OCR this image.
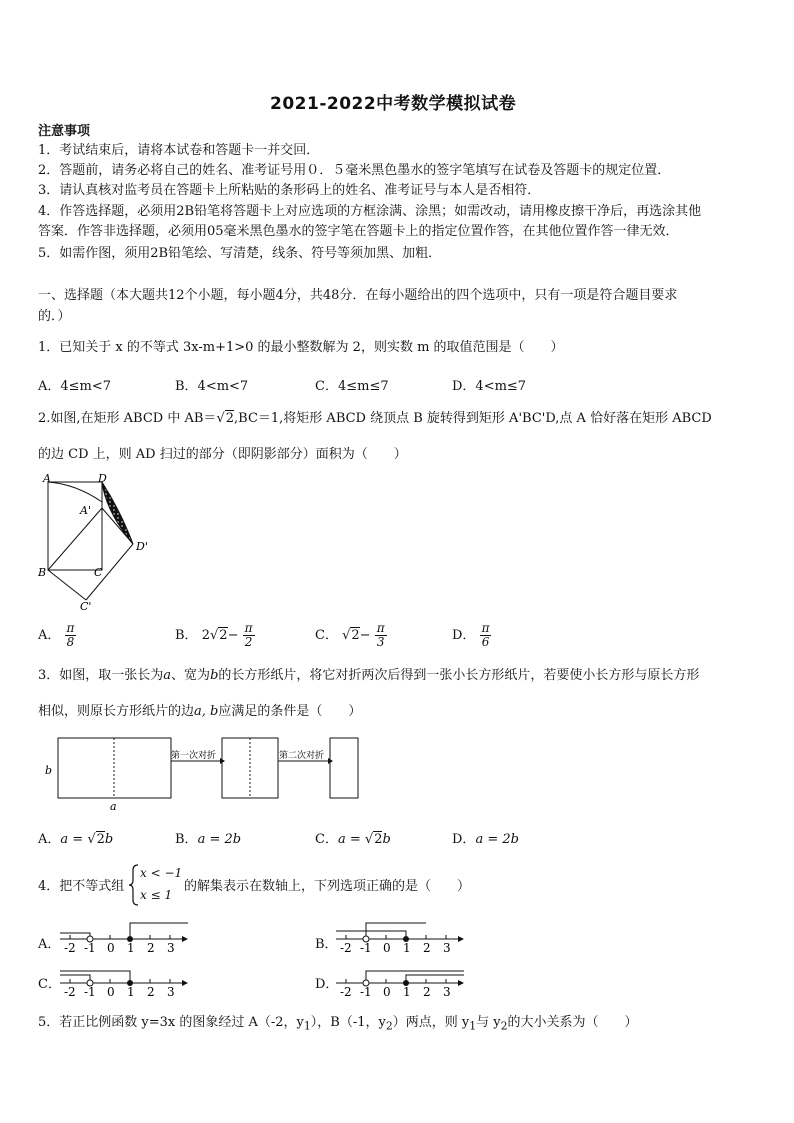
2021-2022中考数学模拟试卷
注意事项
1．考试结束后，请将本试卷和答题卡一并交回．
2．答题前，请务必将自己的姓名、准考证号用０．５毫米黑色墨水的签字笔填写在试卷及答题卡的规定位置．
3．请认真核对监考员在答题卡上所粘贴的条形码上的姓名、准考证号与本人是否相符．
4．作答选择题，必须用2B铅笔将答题卡上对应选项的方框涂满、涂黑；如需改动，请用橡皮擦干净后，再选涂其他
答案．作答非选择题，必须用05毫米黑色墨水的签字笔在答题卡上的指定位置作答，在其他位置作答一律无效．
5．如需作图，须用2B铅笔绘、写清楚，线条、符号等须加黑、加粗．
一、选择题（本大题共12个小题，每小题4分，共48分．在每小题给出的四个选项中，只有一项是符合题目要求
的．）
1．已知关于 x 的不等式 3x-m+1>0 的最小整数解为 2，则实数 m 的取值范围是（　　）
A．4≤m<7	B．4<m<7	C．4≤m≤7	D．4<m≤7
2.如图,在矩形 ABCD 中 AB＝√2,BC＝1,将矩形 ABCD 绕顶点 B 旋转得到矩形 A'BC'D,点 A 恰好落在矩形 ABCD
的边 CD 上，则 AD 扫过的部分（即阴影部分）面积为（　　）
A	D
A'
D'
B	C
C'
A． $\frac{\pi}{8}$	B． $2√2- \frac{\pi}{2}$	C． $√2- \frac{\pi}{3}$	D． $\frac{\pi}{6}$
3．如图，取一张长为a、宽为b的长方形纸片，将它对折两次后得到一张小长方形纸片，若要使小长方形与原长方形
相似，则原长方形纸片的边a, b应满足的条件是（　　）
b
a
第一次对折	第二次对折
A．a = √2b	B．a = 2b	C．a = √2b	D．a = 2b
4．把不等式组
x < −1
x ≤ 1
的解集表示在数轴上，下列选项正确的是（　　）
A． -2 -1 0 1 2 3	B． -2 -1 0 1 2 3
C． -2 -1 0 1 2 3	D． -2 -1 0 1 2 3
5．若正比例函数 y=3x 的图象经过 A（-2，$y_1$），B（-1，$y_2$）两点，则 $y_1$与 $y_2$的大小关系为（　　）
